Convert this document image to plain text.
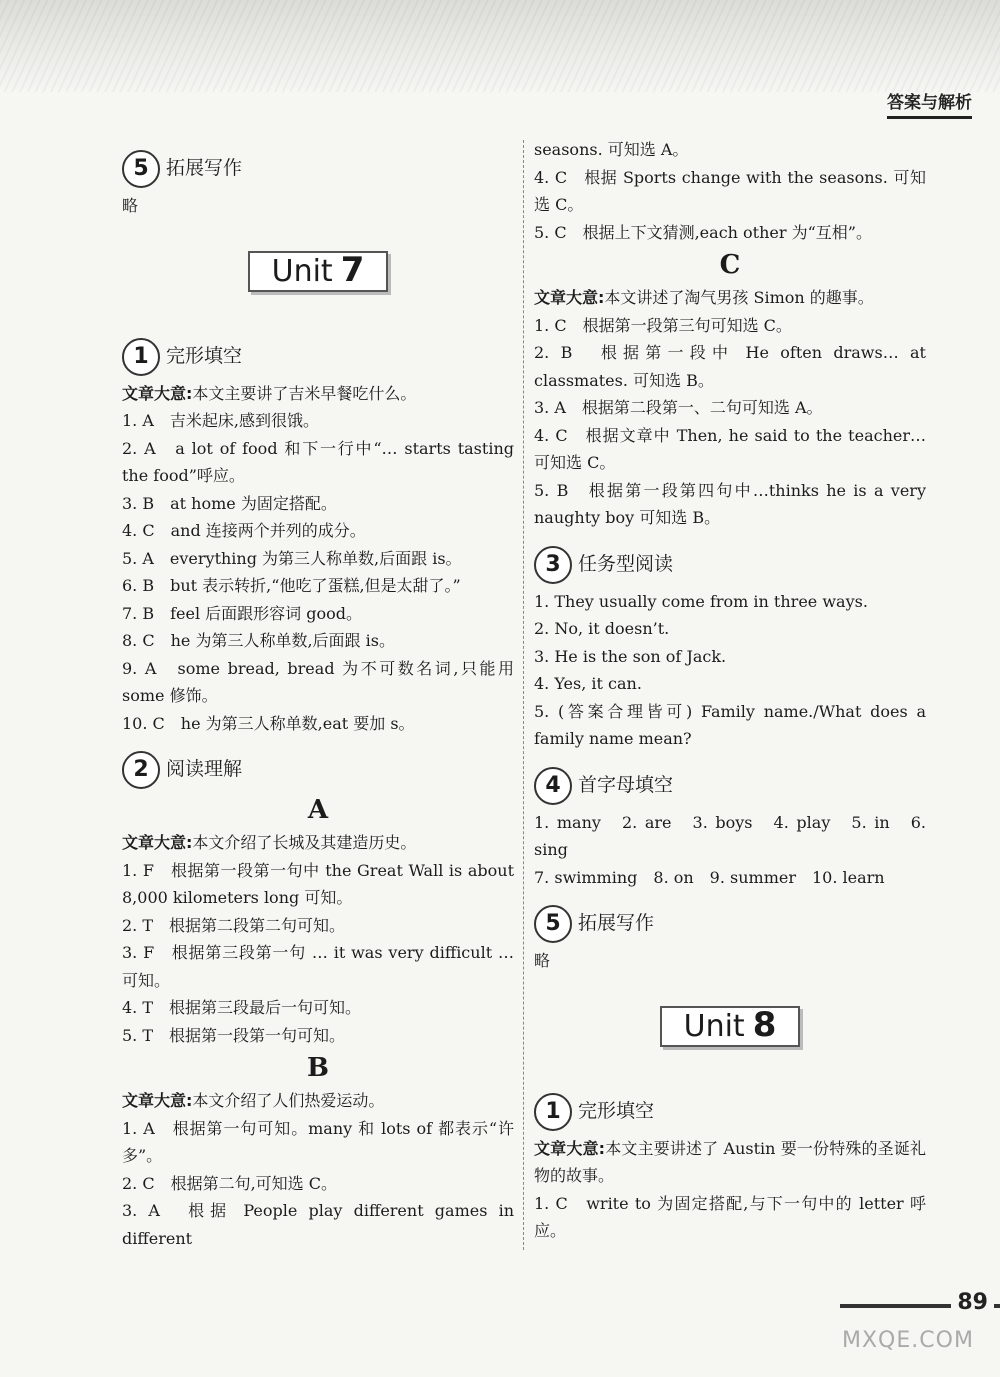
答案与解析
5 拓展写作

略

Unit 7
1 完形填空

文章大意:本文主要讲了吉米早餐吃什么。

1. A　吉米起床,感到很饿。

2. A　a lot of food 和下一行中“… starts tasting the food”呼应。

3. B　at home 为固定搭配。

4. C　and 连接两个并列的成分。

5. A　everything 为第三人称单数,后面跟 is。

6. B　but 表示转折,“他吃了蛋糕,但是太甜了。”

7. B　feel 后面跟形容词 good。

8. C　he 为第三人称单数,后面跟 is。

9. A　some bread, bread 为不可数名词,只能用 some 修饰。

10. C　he 为第三人称单数,eat 要加 s。

2 阅读理解
A

文章大意:本文介绍了长城及其建造历史。

1. F　根据第一段第一句中 the Great Wall is about 8,000 kilometers long 可知。

2. T　根据第二段第二句可知。

3. F　根据第三段第一句 … it was very difficult … 可知。

4. T　根据第三段最后一句可知。

5. T　根据第一段第一句可知。

B

文章大意:本文介绍了人们热爱运动。

1. A　根据第一句可知。many 和 lots of 都表示“许多”。

2. C　根据第二句,可知选 C。

3. A　根据 People play different games in different

seasons. 可知选 A。

4. C　根据 Sports change with the seasons. 可知选 C。

5. C　根据上下文猜测,each other 为“互相”。

C

文章大意:本文讲述了淘气男孩 Simon 的趣事。

1. C　根据第一段第三句可知选 C。

2. B　根据第一段中 He often draws… at classmates. 可知选 B。

3. A　根据第二段第一、二句可知选 A。

4. C　根据文章中 Then, he said to the teacher…可知选 C。

5. B　根据第一段第四句中…thinks he is a very naughty boy 可知选 B。

3 任务型阅读

1. They usually come from in three ways.

2. No, it doesn’t.

3. He is the son of Jack.

4. Yes, it can.

5. (答案合理皆可) Family name./What does a family name mean?

4 首字母填空

1. many　2. are　3. boys　4. play　5. in　6. sing

7. swimming　8. on　9. summer　10. learn

5 拓展写作

略

Unit 8
1 完形填空

文章大意:本文主要讲述了 Austin 要一份特殊的圣诞礼物的故事。

1. C　write to 为固定搭配,与下一句中的 letter 呼应。

89
MXQE.COM
